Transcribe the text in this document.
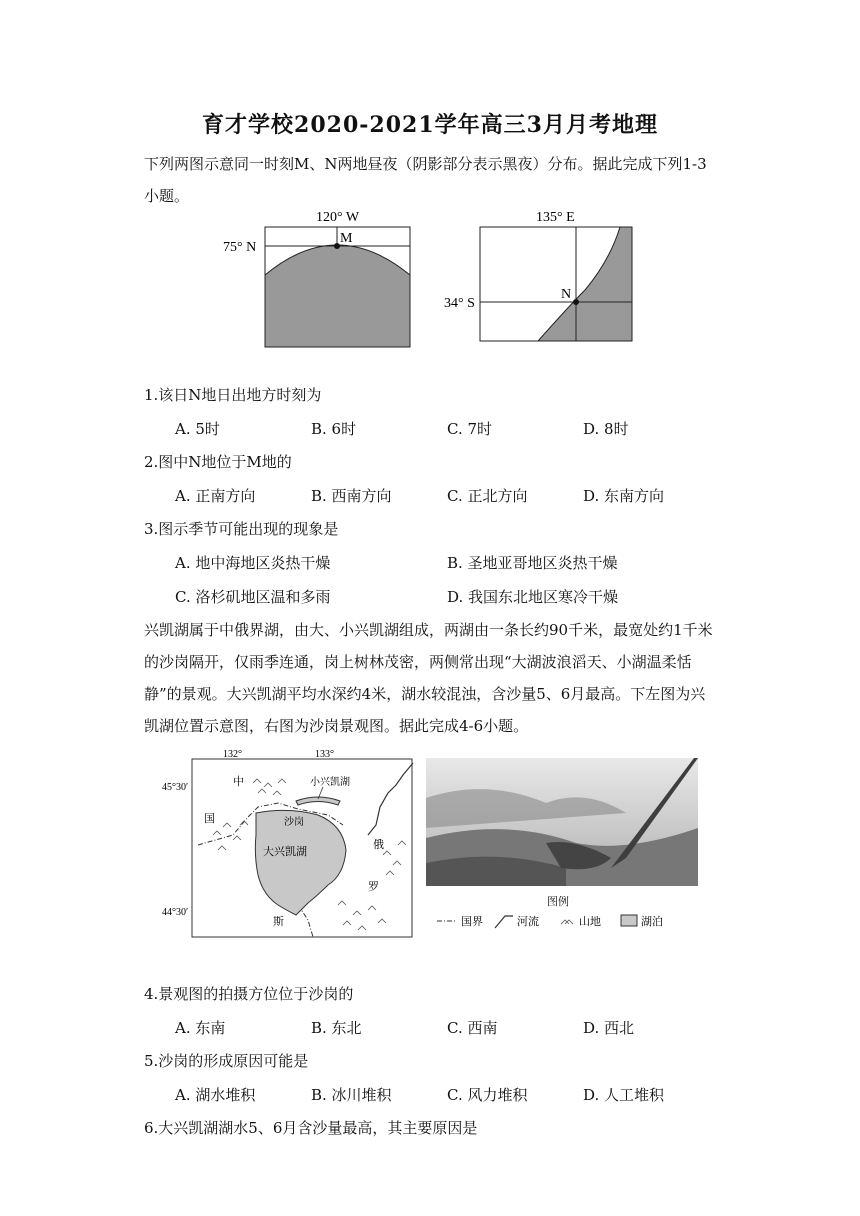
育才学校2020-2021学年高三3月月考地理
下列两图示意同一时刻M、N两地昼夜（阴影部分表示黑夜）分布。据此完成下列1-3小题。
120° W
M
75° N
135° E
N
34° S
1.该日N地日出地方时刻为
A. 5时	B. 6时	C. 7时	D. 8时
2.图中N地位于M地的
A. 正南方向	B. 西南方向	C. 正北方向	D. 东南方向
3.图示季节可能出现的现象是
A. 地中海地区炎热干燥	B. 圣地亚哥地区炎热干燥
C. 洛杉矶地区温和多雨	D. 我国东北地区寒冷干燥
兴凯湖属于中俄界湖，由大、小兴凯湖组成，两湖由一条长约90千米，最宽处约1千米的沙岗隔开，仅雨季连通，岗上树林茂密，两侧常出现“大湖波浪滔天、小湖温柔恬静”的景观。大兴凯湖平均水深约4米，湖水较混浊，含沙量5、6月最高。下左图为兴凯湖位置示意图，右图为沙岗景观图。据此完成4-6小题。
132°	133°
45°30′
44°30′
小兴凯湖
沙岗
大兴凯湖
中
国
俄
罗
斯
图例
国界	河流	山地	湖泊
4.景观图的拍摄方位位于沙岗的
A. 东南	B. 东北	C. 西南	D. 西北
5.沙岗的形成原因可能是
A. 湖水堆积	B. 冰川堆积	C. 风力堆积	D. 人工堆积
6.大兴凯湖湖水5、6月含沙量最高，其主要原因是
